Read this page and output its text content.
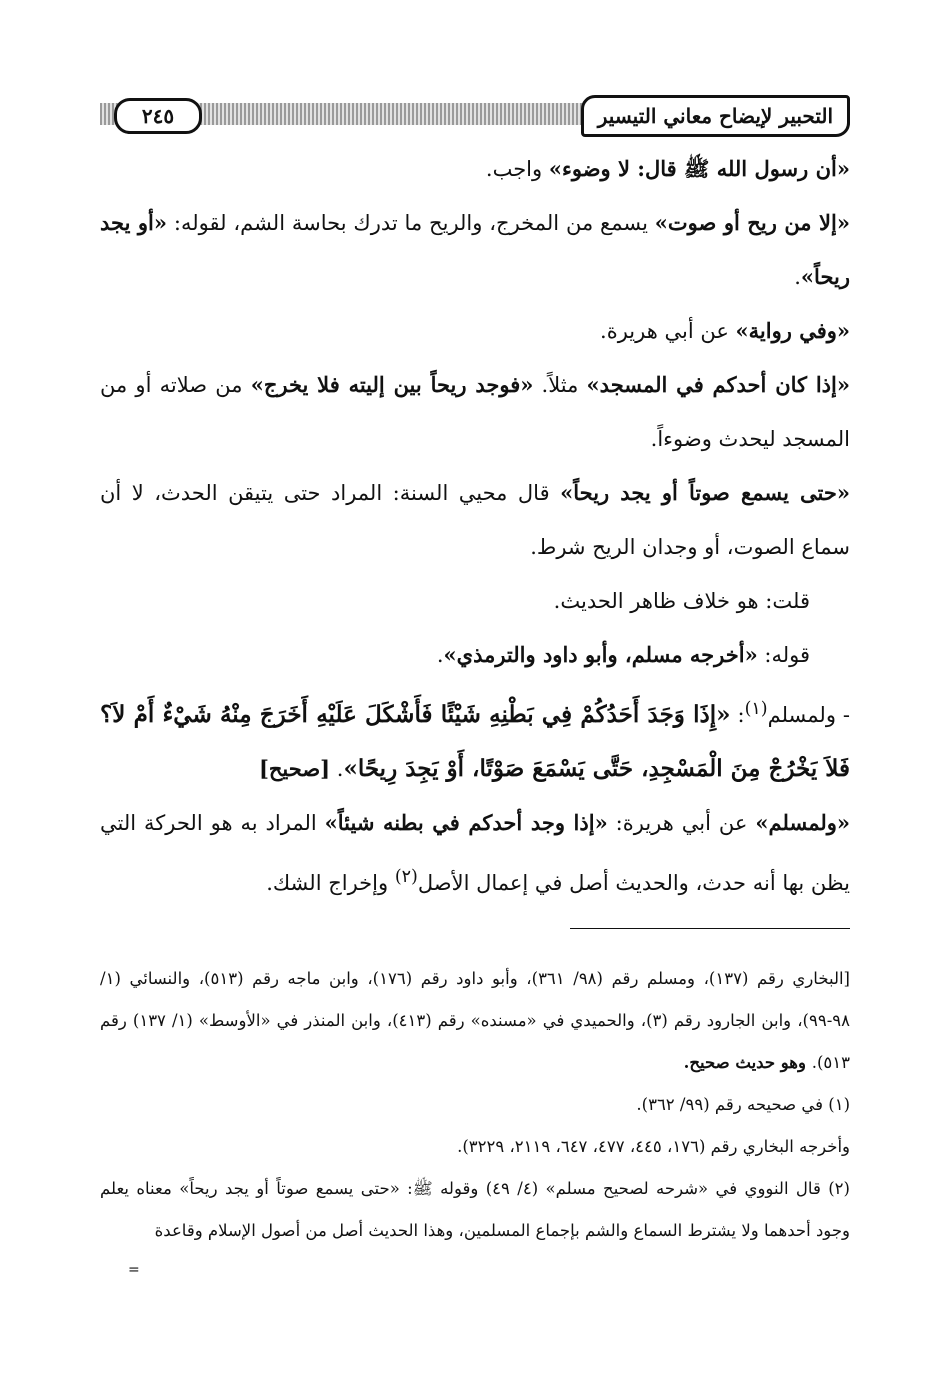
التحبير لإيضاح معاني التيسير
٢٤٥

«أن رسول الله ﷺ قال: لا وضوء» واجب.

«إلا من ريح أو صوت» يسمع من المخرج، والريح ما تدرك بحاسة الشم، لقوله: «أو يجد ريحاً».

«وفي رواية» عن أبي هريرة.

«إذا كان أحدكم في المسجد» مثلاً. «فوجد ريحاً بين إليته فلا يخرج» من صلاته أو من المسجد ليحدث وضوءاً.

«حتى يسمع صوتاً أو يجد ريحاً» قال محيي السنة: المراد حتى يتيقن الحدث، لا أن سماع الصوت، أو وجدان الريح شرط.

قلت: هو خلاف ظاهر الحديث.

قوله: «أخرجه مسلم، وأبو داود والترمذي».

- ولمسلم$^{(١)}$: «إِذَا وَجَدَ أَحَدُكُمْ فِي بَطْنِهِ شَيْئًا فَأَشْكَلَ عَلَيْهِ أَخَرَجَ مِنْهُ شَيْءٌ أَمْ لاَ؟ فَلاَ يَخْرُجْ مِنَ الْمَسْجِدِ، حَتَّى يَسْمَعَ صَوْتًا، أَوْ يَجِدَ رِيحًا». [صحيح]

«ولمسلم» عن أبي هريرة: «إذا وجد أحدكم في بطنه شيئاً» المراد به هو الحركة التي يظن بها أنه حدث، والحديث أصل في إعمال الأصل$^{(٢)}$ وإخراج الشك.

[البخاري رقم (١٣٧)، ومسلم رقم (٩٨/ ٣٦١)، وأبو داود رقم (١٧٦)، وابن ماجه رقم (٥١٣)، والنسائي (١/ ٩٨-٩٩)، وابن الجارود رقم (٣)، والحميدي في «مسنده» رقم (٤١٣)، وابن المنذر في «الأوسط» (١/ ١٣٧) رقم ٥١٣). وهو حديث صحيح.

(١) في صحيحه رقم (٩٩/ ٣٦٢).

وأخرجه البخاري رقم (١٧٦، ٤٤٥، ٤٧٧، ٦٤٧، ٢١١٩، ٣٢٢٩).

(٢) قال النووي في «شرحه لصحيح مسلم» (٤/ ٤٩) وقوله ﷺ: «حتى يسمع صوتاً أو يجد ريحاً» معناه يعلم وجود أحدهما ولا يشترط السماع والشم بإجماع المسلمين، وهذا الحديث أصل من أصول الإسلام وقاعدة

=
